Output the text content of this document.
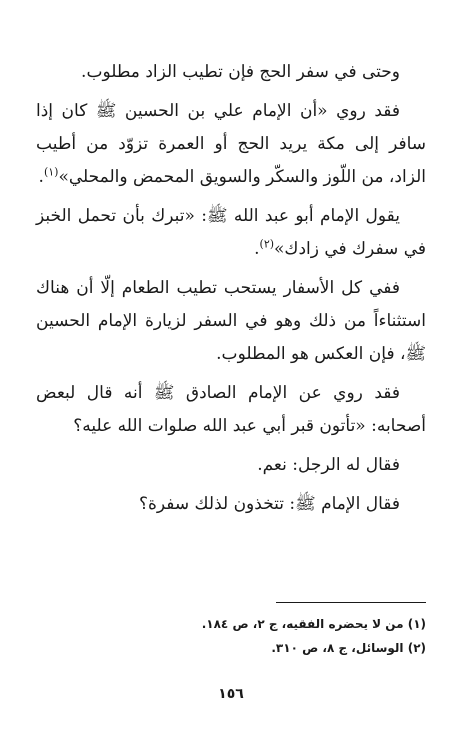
وحتى في سفر الحج فإن تطيب الزاد مطلوب.

فقد روي «أن الإمام علي بن الحسين ﷺ كان إذا سافر إلى مكة يريد الحج أو العمرة تزوّد من أطيب الزاد، من اللّوز والسكّر والسويق المحمض والمحلي»$^{(١)}$.

يقول الإمام أبو عبد الله ﷺ: «تبرك بأن تحمل الخبز في سفرك في زادك»$^{(٢)}$.

ففي كل الأسفار يستحب تطيب الطعام إلّا أن هناك استثناءاً من ذلك وهو في السفر لزيارة الإمام الحسين ﷺ، فإن العكس هو المطلوب.

فقد روي عن الإمام الصادق ﷺ أنه قال لبعض أصحابه: «تأتون قبر أبي عبد الله صلوات الله عليه؟

فقال له الرجل: نعم.

فقال الإمام ﷺ: تتخذون لذلك سفرة؟

(١) من لا يحضره الفقيه، ج ٢، ص ١٨٤.

(٢) الوسائل، ج ٨، ص ٣١٠.

١٥٦
